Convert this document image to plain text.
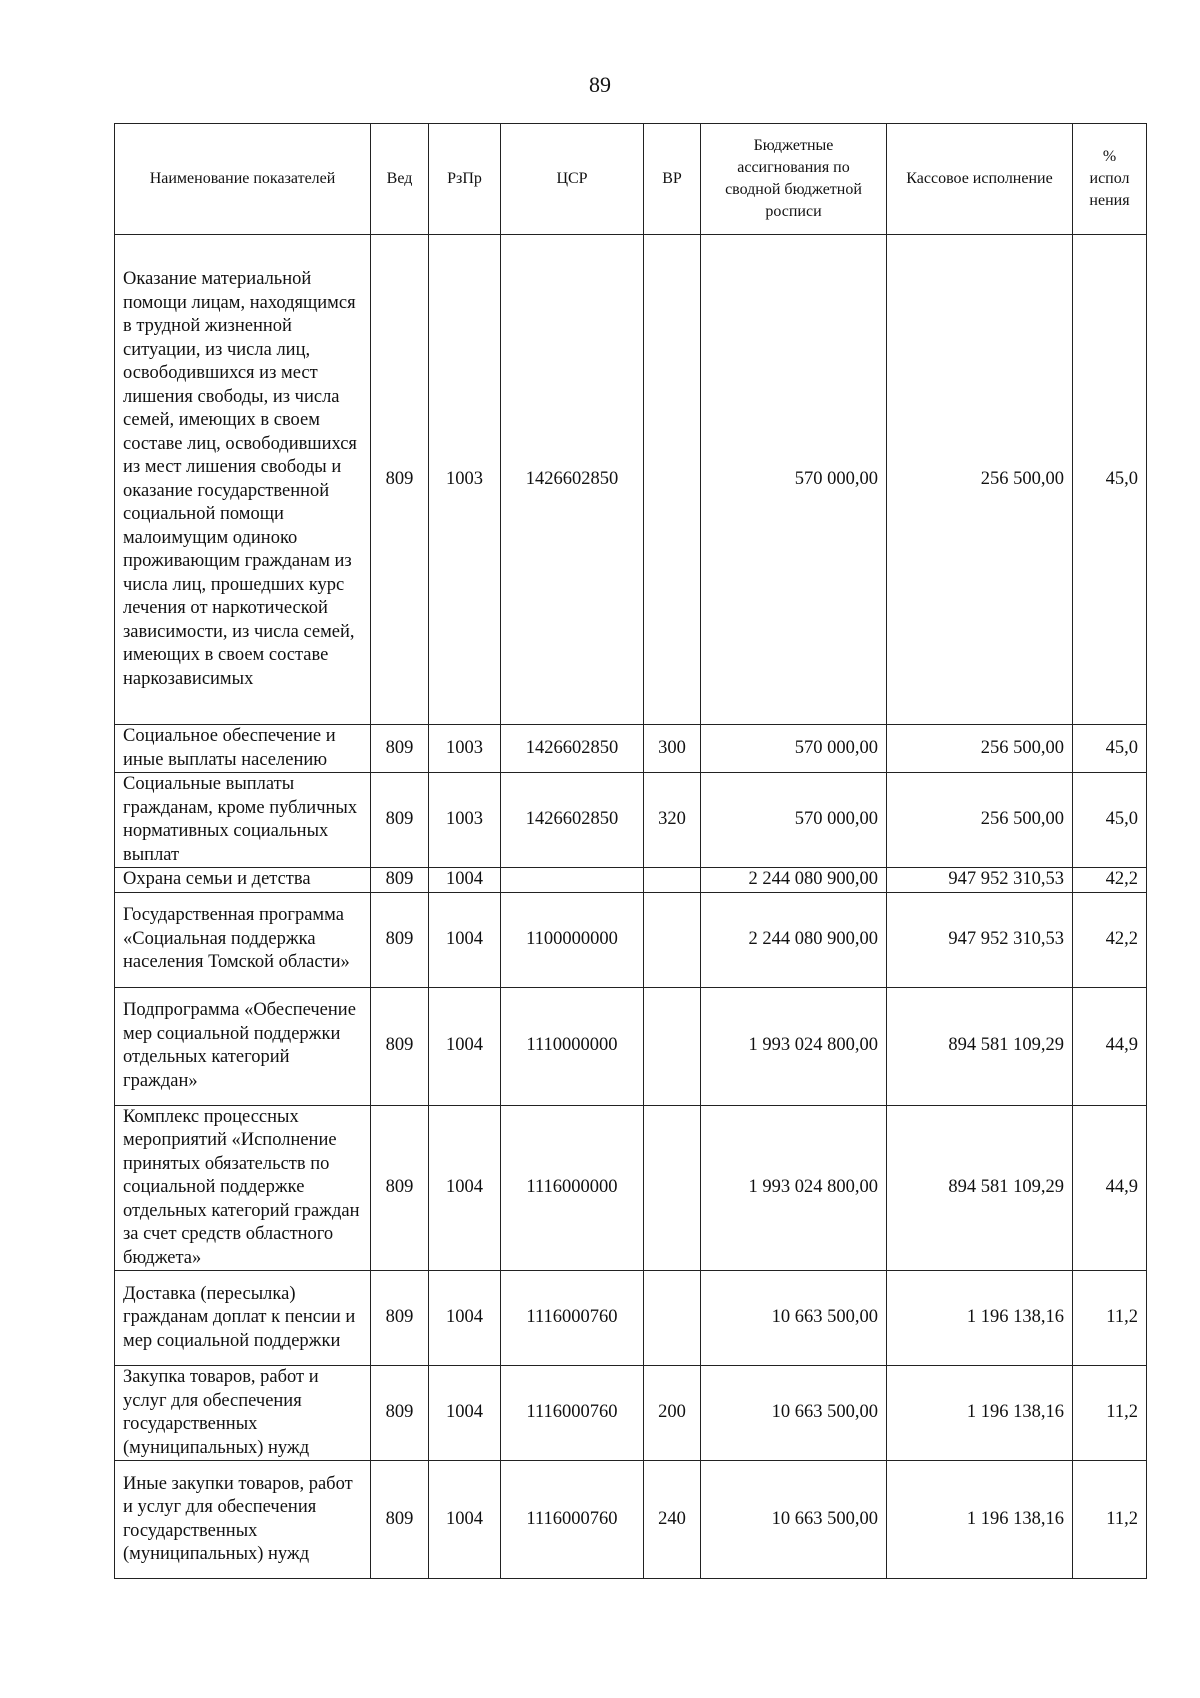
89
Наименование показателей	Вед	РзПр	ЦСР	ВР	Бюджетные ассигнования по сводной бюджетной росписи	Кассовое исполнение	% испол нения
Оказание материальной помощи лицам, находящимся в трудной жизненной ситуации, из числа лиц, освободившихся из мест лишения свободы, из числа семей, имеющих в своем составе лиц, освободившихся из мест лишения свободы и оказание государственной социальной помощи малоимущим одиноко проживающим гражданам из числа лиц, прошедших курс лечения от наркотической зависимости, из числа семей, имеющих в своем составе наркозависимых	809	1003	1426602850		570 000,00	256 500,00	45,0
Социальное обеспечение и иные выплаты населению	809	1003	1426602850	300	570 000,00	256 500,00	45,0
Социальные выплаты гражданам, кроме публичных нормативных социальных выплат	809	1003	1426602850	320	570 000,00	256 500,00	45,0
Охрана семьи и детства	809	1004			2 244 080 900,00	947 952 310,53	42,2
Государственная программа «Социальная поддержка населения Томской области»	809	1004	1100000000		2 244 080 900,00	947 952 310,53	42,2
Подпрограмма «Обеспечение мер социальной поддержки отдельных категорий граждан»	809	1004	1110000000		1 993 024 800,00	894 581 109,29	44,9
Комплекс процессных мероприятий «Исполнение принятых обязательств по социальной поддержке отдельных категорий граждан за счет средств областного бюджета»	809	1004	1116000000		1 993 024 800,00	894 581 109,29	44,9
Доставка (пересылка) гражданам доплат к пенсии и мер социальной поддержки	809	1004	1116000760		10 663 500,00	1 196 138,16	11,2
Закупка товаров, работ и услуг для обеспечения государственных (муниципальных) нужд	809	1004	1116000760	200	10 663 500,00	1 196 138,16	11,2
Иные закупки товаров, работ и услуг для обеспечения государственных (муниципальных) нужд	809	1004	1116000760	240	10 663 500,00	1 196 138,16	11,2
